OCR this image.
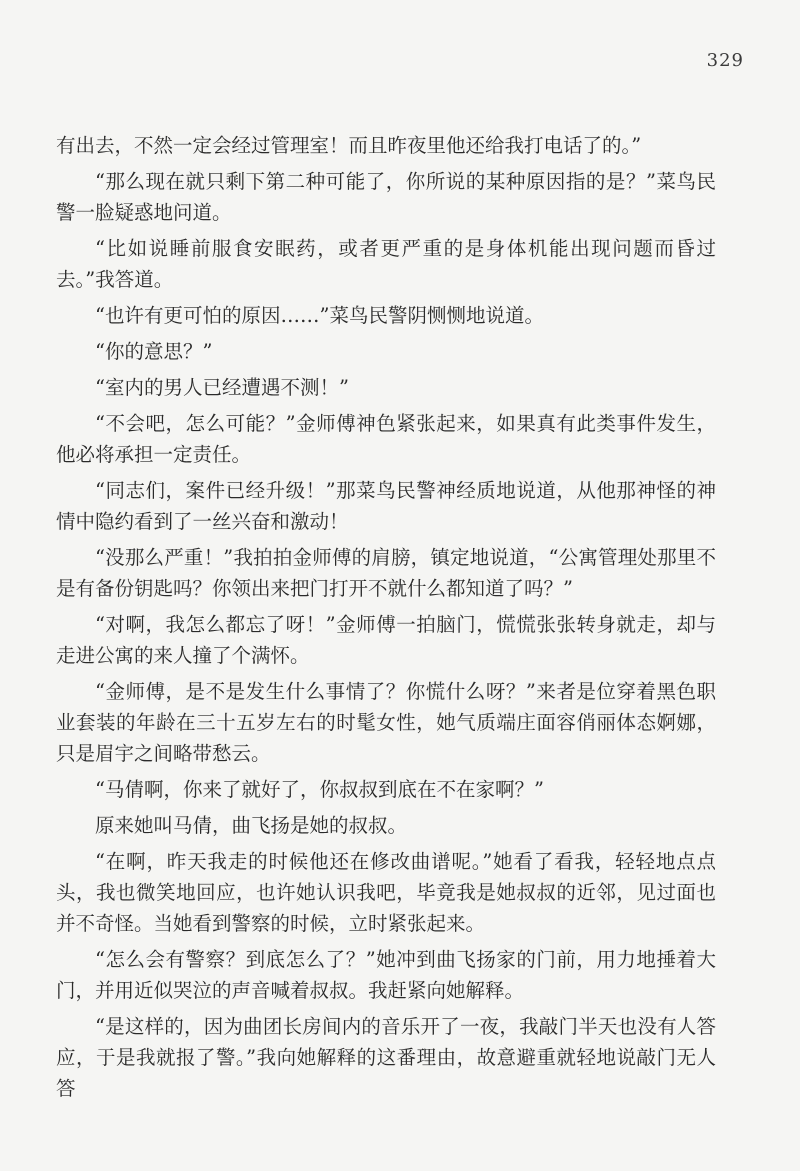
329

有出去，不然一定会经过管理室！而且昨夜里他还给我打电话了的。”

“那么现在就只剩下第二种可能了，你所说的某种原因指的是？”菜鸟民警一脸疑惑地问道。

“比如说睡前服食安眠药，或者更严重的是身体机能出现问题而昏过去。”我答道。

“也许有更可怕的原因……”菜鸟民警阴恻恻地说道。

“你的意思？”

“室内的男人已经遭遇不测！”

“不会吧，怎么可能？”金师傅神色紧张起来，如果真有此类事件发生，他必将承担一定责任。

“同志们，案件已经升级！”那菜鸟民警神经质地说道，从他那神怪的神情中隐约看到了一丝兴奋和激动！

“没那么严重！”我拍拍金师傅的肩膀，镇定地说道，“公寓管理处那里不是有备份钥匙吗？你领出来把门打开不就什么都知道了吗？”

“对啊，我怎么都忘了呀！”金师傅一拍脑门，慌慌张张转身就走，却与走进公寓的来人撞了个满怀。

“金师傅，是不是发生什么事情了？你慌什么呀？”来者是位穿着黑色职业套装的年龄在三十五岁左右的时髦女性，她气质端庄面容俏丽体态婀娜，只是眉宇之间略带愁云。

“马倩啊，你来了就好了，你叔叔到底在不在家啊？”

原来她叫马倩，曲飞扬是她的叔叔。

“在啊，昨天我走的时候他还在修改曲谱呢。”她看了看我，轻轻地点点头，我也微笑地回应，也许她认识我吧，毕竟我是她叔叔的近邻，见过面也并不奇怪。当她看到警察的时候，立时紧张起来。

“怎么会有警察？到底怎么了？”她冲到曲飞扬家的门前，用力地捶着大门，并用近似哭泣的声音喊着叔叔。我赶紧向她解释。

“是这样的，因为曲团长房间内的音乐开了一夜，我敲门半天也没有人答应，于是我就报了警。”我向她解释的这番理由，故意避重就轻地说敲门无人答
